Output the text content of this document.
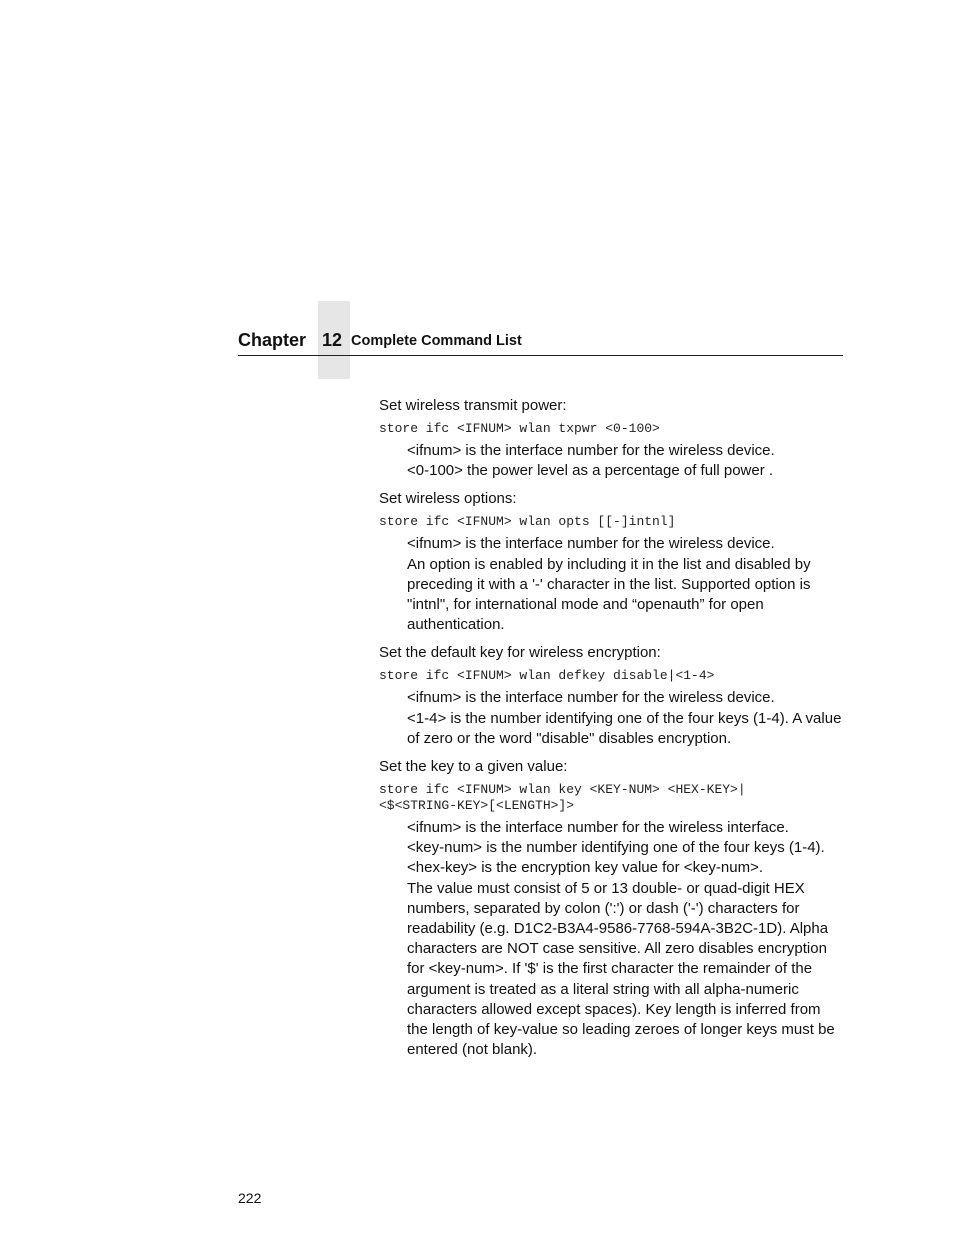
Chapter 12 Complete Command List

Set wireless transmit power:

store ifc <IFNUM> wlan txpwr <0-100>

<ifnum> is the interface number for the wireless device.

<0-100> the power level as a percentage of full power .

Set wireless options:

store ifc <IFNUM> wlan opts [[-]intnl]

<ifnum> is the interface number for the wireless device.

An option is enabled by including it in the list and disabled by preceding it with a '-' character in the list. Supported option is "intnl", for international mode and “openauth” for open authentication.

Set the default key for wireless encryption:

store ifc <IFNUM> wlan defkey disable|<1-4>

<ifnum> is the interface number for the wireless device.

<1-4> is the number identifying one of the four keys (1-4). A value of zero or the word "disable" disables encryption.

Set the key to a given value:

store ifc <IFNUM> wlan key <KEY-NUM> <HEX-KEY>|
<$<STRING-KEY>[<LENGTH>]>

<ifnum> is the interface number for the wireless interface.

<key-num> is the number identifying one of the four keys (1-4).

<hex-key> is the encryption key value for <key-num>.

The value must consist of 5 or 13 double- or quad-digit HEX numbers, separated by colon (':') or dash ('-') characters for readability (e.g. D1C2-B3A4-9586-7768-594A-3B2C-1D). Alpha characters are NOT case sensitive. All zero disables encryption for <key-num>. If '$' is the first character the remainder of the argument is treated as a literal string with all alpha-numeric characters allowed except spaces). Key length is inferred from the length of key-value so leading zeroes of longer keys must be entered (not blank).

222
